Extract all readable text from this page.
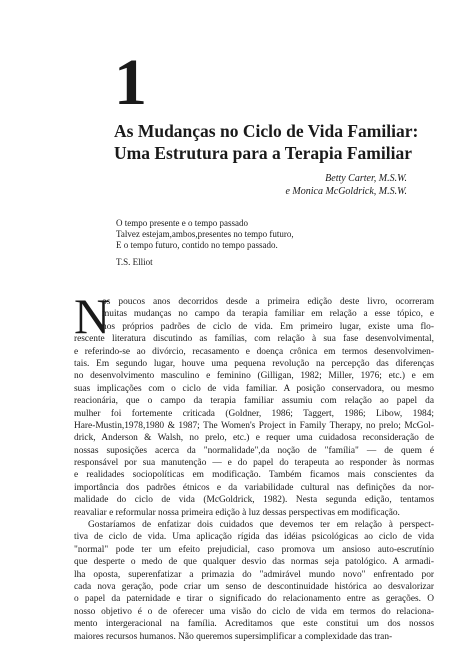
1
As Mudanças no Ciclo de Vida Familiar:
Uma Estrutura para a Terapia Familiar
Betty Carter, M.S.W.
e Monica McGoldrick, M.S.W.
O tempo presente e o tempo passado
Talvez estejam,ambos,presentes no tempo futuro,
E o tempo futuro, contido no tempo passado.
T.S. Elliot
N
os poucos anos decorridos desde a primeira edição deste livro, ocorreram
muitas mudanças no campo da terapia familiar em relação a esse tópico, e
nos próprios padrões de ciclo de vida. Em primeiro lugar, existe uma flo-
rescente literatura discutindo as famílias, com relação à sua fase desenvolvimental,
e referindo-se ao divórcio, recasamento e doença crônica em termos desenvolvimen-
tais. Em segundo lugar, houve uma pequena revolução na percepção das diferenças
no desenvolvimento masculino e feminino (Gilligan, 1982; Miller, 1976; etc.) e em
suas implicações com o ciclo de vida familiar. A posição conservadora, ou mesmo
reacionária, que o campo da terapia familiar assumiu com relação ao papel da
mulher foi fortemente criticada (Goldner, 1986; Taggert, 1986; Libow, 1984;
Hare-Mustin,1978,1980 & 1987; The Women's Project in Family Therapy, no prelo; McGol-
drick, Anderson & Walsh, no prelo, etc.) e requer uma cuidadosa reconsideração de
nossas suposições acerca da "normalidade",da noção de "família" — de quem é
responsável por sua manutenção — e do papel do terapeuta ao responder às normas
e realidades sociopolíticas em modificação. Também ficamos mais conscientes da
importância dos padrões étnicos e da variabilidade cultural nas definições da nor-
malidade do ciclo de vida (McGoldrick, 1982). Nesta segunda edição, tentamos
reavaliar e reformular nossa primeira edição à luz dessas perspectivas em modificação.
Gostaríamos de enfatizar dois cuidados que devemos ter em relação à perspect-
tiva de ciclo de vida. Uma aplicação rígida das idéias psicológicas ao ciclo de vida
"normal" pode ter um efeito prejudicial, caso promova um ansioso auto-escrutínio
que desperte o medo de que qualquer desvio das normas seja patológico. A armadi-
lha oposta, superenfatizar a primazia do "admirável mundo novo" enfrentado por
cada nova geração, pode criar um senso de descontinuidade histórica ao desvalorizar
o papel da paternidade e tirar o significado do relacionamento entre as gerações. O
nosso objetivo é o de oferecer uma visão do ciclo de vida em termos do relaciona-
mento intergeracional na família. Acreditamos que este constitui um dos nossos
maiores recursos humanos. Não queremos supersimplificar a complexidade das tran-
